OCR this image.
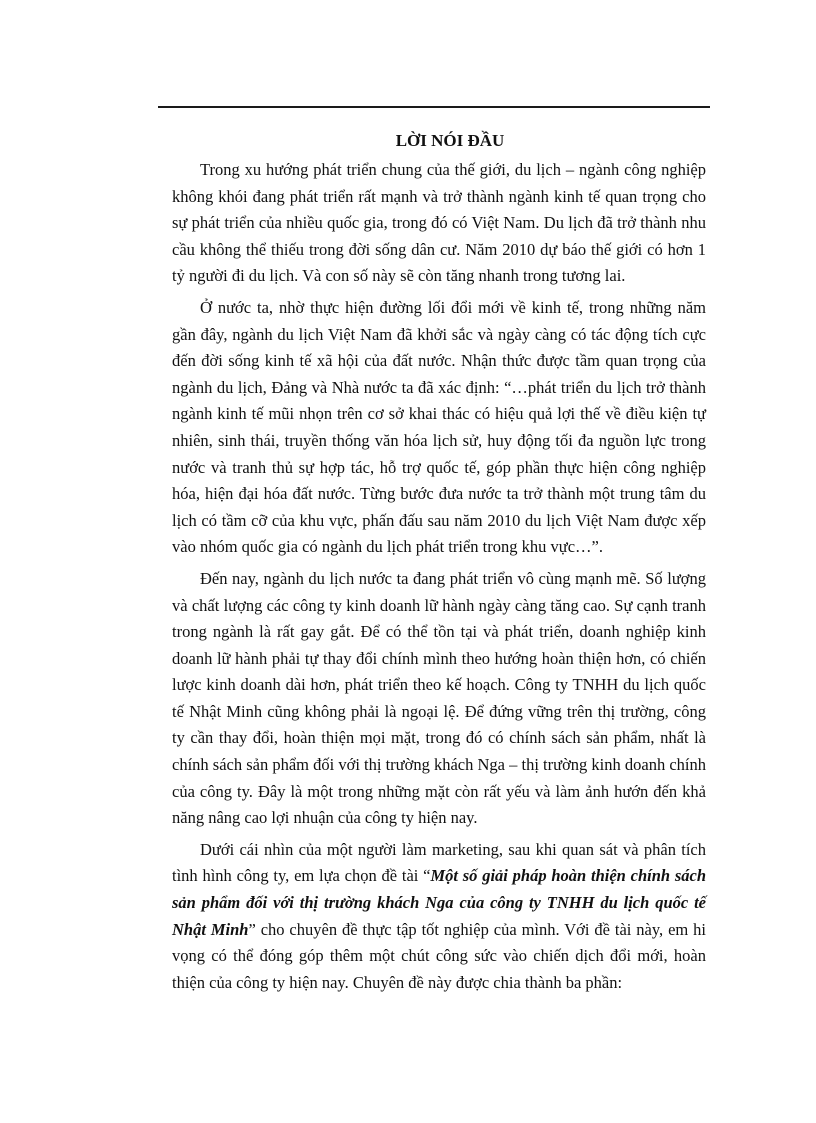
LỜI NÓI ĐẦU

Trong xu hướng phát triển chung của thế giới, du lịch – ngành công nghiệp không khói đang phát triển rất mạnh và trở thành ngành kinh tế quan trọng cho sự phát triển của nhiều quốc gia, trong đó có Việt Nam. Du lịch đã trở thành nhu cầu không thể thiếu trong đời sống dân cư. Năm 2010 dự báo thế giới có hơn 1 tỷ người đi du lịch. Và con số này sẽ còn tăng nhanh trong tương lai.

Ở nước ta, nhờ thực hiện đường lối đổi mới về kinh tế, trong những năm gần đây, ngành du lịch Việt Nam đã khởi sắc và ngày càng có tác động tích cực đến đời sống kinh tế xã hội của đất nước. Nhận thức được tầm quan trọng của ngành du lịch, Đảng và Nhà nước ta đã xác định: “…phát triển du lịch trở thành ngành kinh tế mũi nhọn trên cơ sở khai thác có hiệu quả lợi thế về điều kiện tự nhiên, sinh thái, truyền thống văn hóa lịch sử, huy động tối đa nguồn lực trong nước và tranh thủ sự hợp tác, hỗ trợ quốc tế, góp phần thực hiện công nghiệp hóa, hiện đại hóa đất nước. Từng bước đưa nước ta trở thành một trung tâm du lịch có tầm cỡ của khu vực, phấn đấu sau năm 2010 du lịch Việt Nam được xếp vào nhóm quốc gia có ngành du lịch phát triển trong khu vực…”.

Đến nay, ngành du lịch nước ta đang phát triển vô cùng mạnh mẽ. Số lượng và chất lượng các công ty kinh doanh lữ hành ngày càng tăng cao. Sự cạnh tranh trong ngành là rất gay gắt. Để có thể tồn tại và phát triển, doanh nghiệp kinh doanh lữ hành phải tự thay đổi chính mình theo hướng hoàn thiện hơn, có chiến lược kinh doanh dài hơn, phát triển theo kế hoạch. Công ty TNHH du lịch quốc tế Nhật Minh cũng không phải là ngoại lệ. Để đứng vững trên thị trường, công ty cần thay đổi, hoàn thiện mọi mặt, trong đó có chính sách sản phẩm, nhất là chính sách sản phẩm đối với thị trường khách Nga – thị trường kinh doanh chính của công ty. Đây là một trong những mặt còn rất yếu và làm ảnh hướn đến khả năng nâng cao lợi nhuận của công ty hiện nay.

Dưới cái nhìn của một người làm marketing, sau khi quan sát và phân tích tình hình công ty, em lựa chọn đề tài “Một số giải pháp hoàn thiện chính sách sản phẩm đối với thị trường khách Nga của công ty TNHH du lịch quốc tế Nhật Minh” cho chuyên đề thực tập tốt nghiệp của mình. Với đề tài này, em hi vọng có thể đóng góp thêm một chút công sức vào chiến dịch đổi mới, hoàn thiện của công ty hiện nay. Chuyên đề này được chia thành ba phần:
